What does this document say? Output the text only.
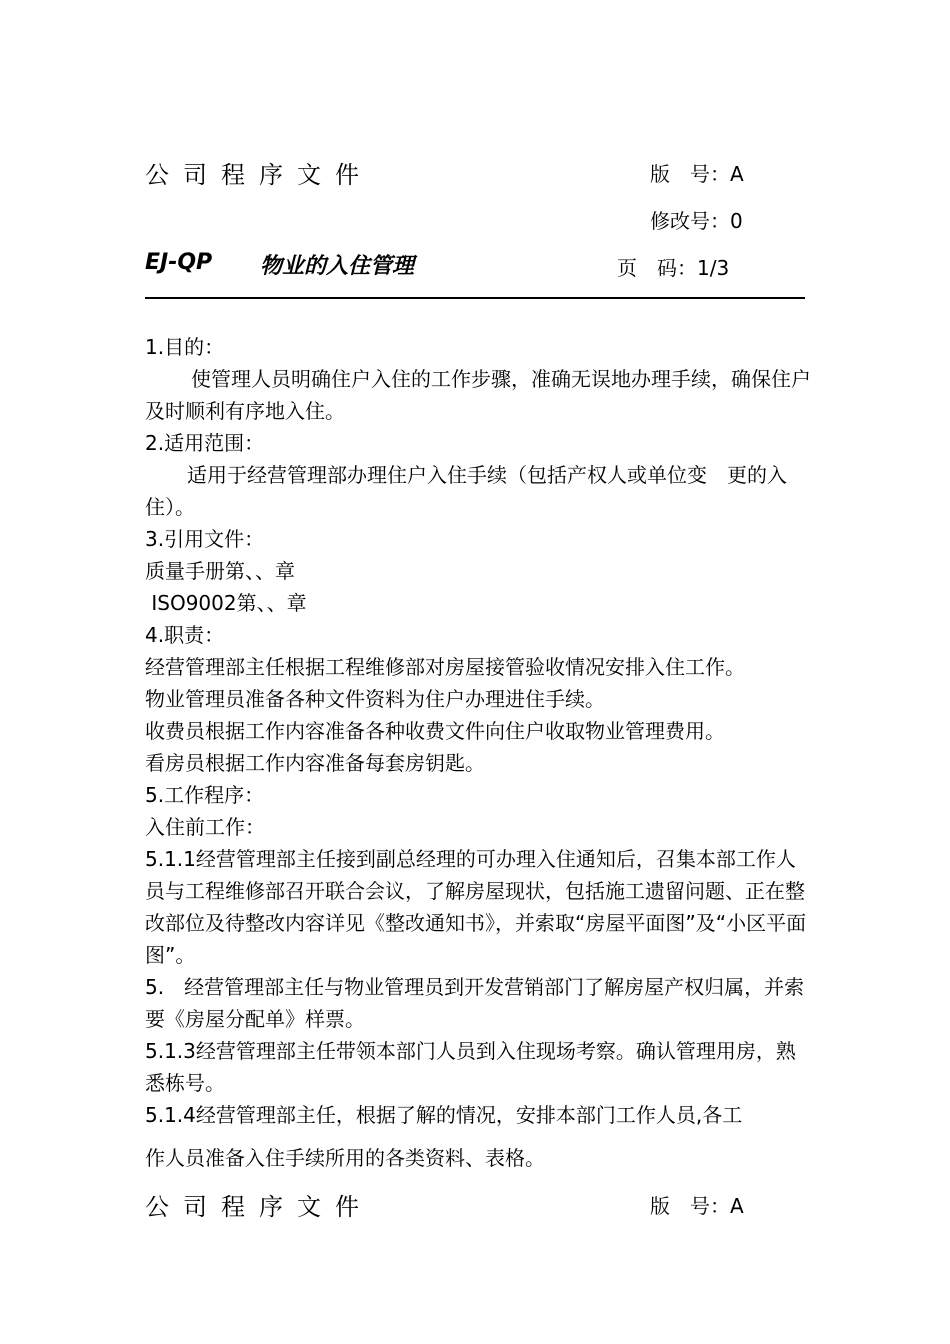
公司程序文件	版　号：A
修改号：0
EJ-QP 物业的入住管理	页　码：1/3

1.目的：

使管理人员明确住户入住的工作步骤，准确无误地办理手续，确保住户及时顺利有序地入住。

2.适用范围：

适用于经营管理部办理住户入住手续（包括产权人或单位变　更的入住）。

3.引用文件：

质量手册第、、章

ISO9002第、、章

4.职责：

经营管理部主任根据工程维修部对房屋接管验收情况安排入住工作。

物业管理员准备各种文件资料为住户办理进住手续。

收费员根据工作内容准备各种收费文件向住户收取物业管理费用。

看房员根据工作内容准备每套房钥匙。

5.工作程序：

入住前工作：

5.1.1经营管理部主任接到副总经理的可办理入住通知后，召集本部工作人员与工程维修部召开联合会议，了解房屋现状，包括施工遗留问题、正在整改部位及待整改内容详见《整改通知书》，并索取“房屋平面图”及“小区平面图”。

5.　经营管理部主任与物业管理员到开发营销部门了解房屋产权归属，并索要《房屋分配单》样票。

5.1.3经营管理部主任带领本部门人员到入住现场考察。确认管理用房，熟悉栋号。

5.1.4经营管理部主任，根据了解的情况，安排本部门工作人员,各工

作人员准备入住手续所用的各类资料、表格。
公司程序文件	版　号：A
